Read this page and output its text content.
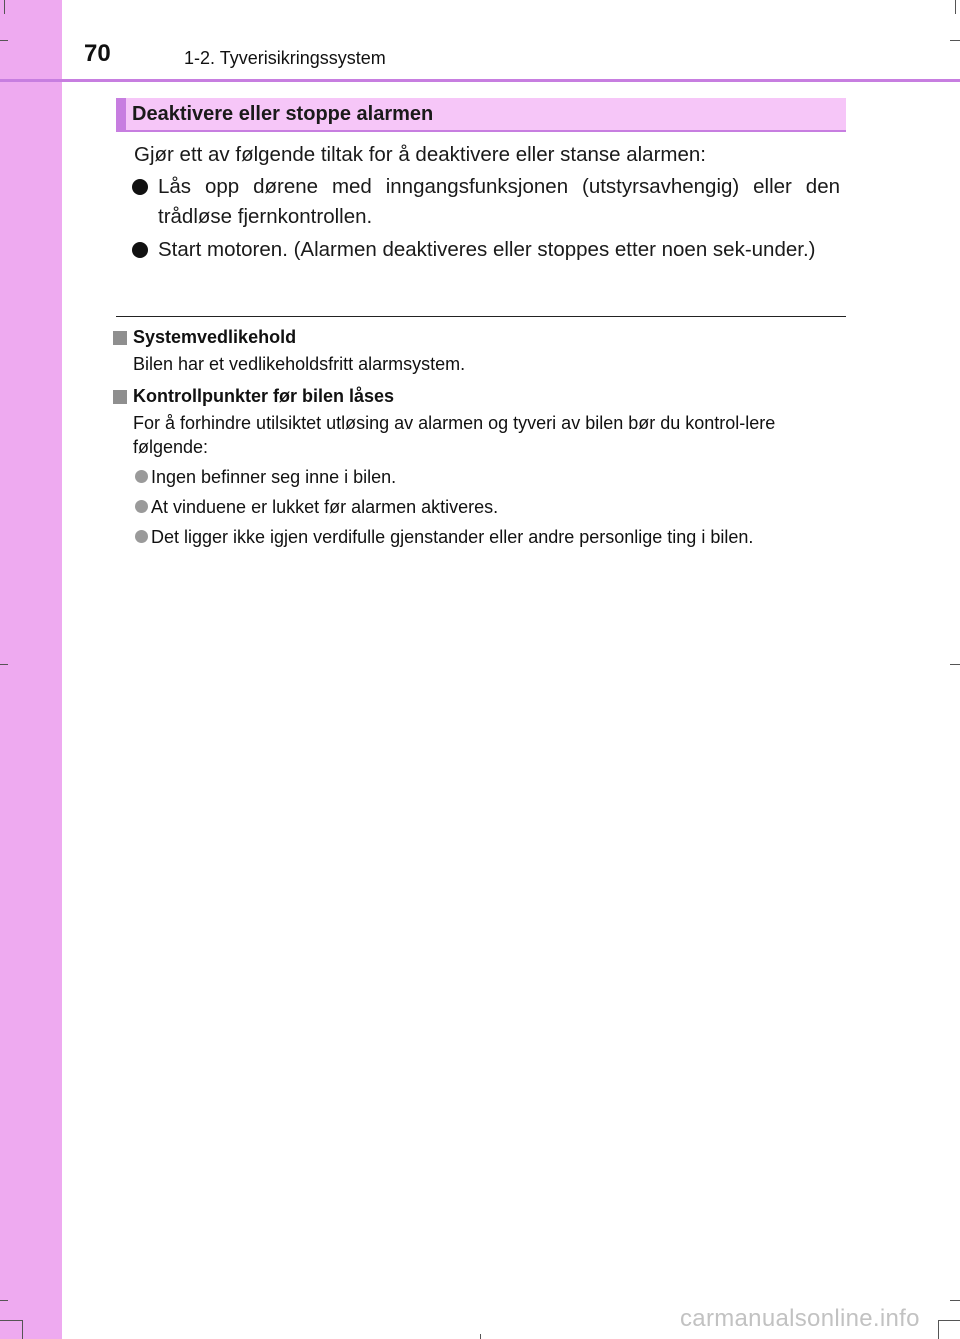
70	1-2. Tyverisikringssystem
Deaktivere eller stoppe alarmen
Gjør ett av følgende tiltak for å deaktivere eller stanse alarmen:
Lås opp dørene med inngangsfunksjonen (utstyrsavhengig) eller den trådløse fjernkontrollen.
Start motoren. (Alarmen deaktiveres eller stoppes etter noen sek-under.)
Systemvedlikehold
Bilen har et vedlikeholdsfritt alarmsystem.
Kontrollpunkter før bilen låses
For å forhindre utilsiktet utløsing av alarmen og tyveri av bilen bør du kontrol-lere følgende:
Ingen befinner seg inne i bilen.
At vinduene er lukket før alarmen aktiveres.
Det ligger ikke igjen verdifulle gjenstander eller andre personlige ting i bilen.
carmanualsonline.info
